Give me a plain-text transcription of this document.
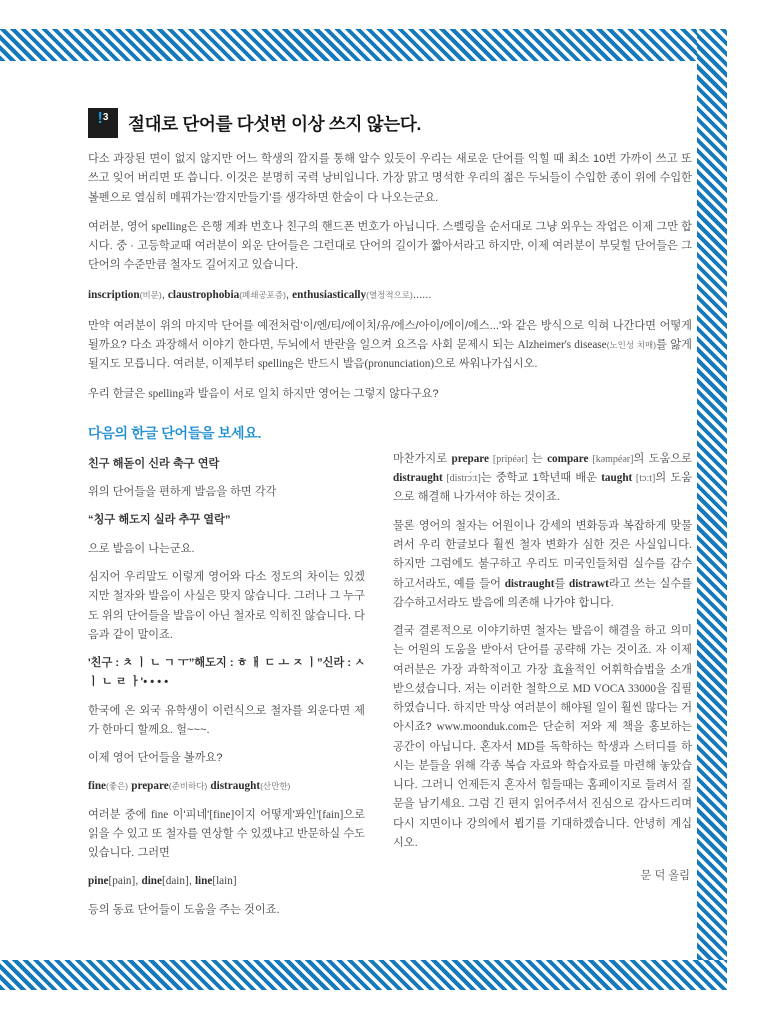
! 3 절대로 단어를 다섯번 이상 쓰지 않는다.

다소 과장된 면이 없지 않지만 어느 학생의 깜지를 통해 알수 있듯이 우리는 새로운 단어를 익힐 때 최소 10번 가까이 쓰고 또 쓰고 잊어 버리면 또 씁니다. 이것은 분명히 국력 낭비입니다. 가장 맑고 명석한 우리의 젊은 두뇌들이 수입한 종이 위에 수입한 볼펜으로 열심히 메꿔가는'깜지만들기'를 생각하면 한숨이 다 나오는군요.

여러분, 영어 spelling은 은행 계좌 번호나 친구의 핸드폰 번호가 아닙니다. 스펠링을 순서대로 그냥 외우는 작업은 이제 그만 합시다. 중 · 고등학교때 여러분이 외운 단어들은 그런대로 단어의 길이가 짧아서라고 하지만, 이제 여러분이 부딪힐 단어들은 그 단어의 수준만큼 철자도 길어지고 있습니다.

inscription(비문), claustrophobia(폐쇄공포증), enthusiastically(열정적으로)......

만약 여러분이 위의 마지막 단어를 예전처럼'이/엔/티/에이치/유/에스/아이/에이/에스...'와 같은 방식으로 익혀 나간다면 어떻게 될까요? 다소 과장해서 이야기 한다면, 두뇌에서 반란을 일으켜 요즈음 사회 문제시 되는 Alzheimer's disease(노인성 치매)를 앓게 될지도 모릅니다. 여러분, 이제부터 spelling은 반드시 발음(pronunciation)으로 싸워나가십시오.

우리 한글은 spelling과 발음이 서로 일치 하지만 영어는 그렇지 않다구요?

다음의 한글 단어들을 보세요.

친구 해돋이 신라 축구 연락

위의 단어들을 편하게 발음을 하면 각각

“칭구 해도지 실라 추꾸 열락”

으로 발음이 나는군요.

심지어 우리말도 이렇게 영어와 다소 정도의 차이는 있겠지만 철자와 발음이 사실은 맞지 않습니다. 그러나 그 누구도 위의 단어들을 발음이 아닌 철자로 익히진 않습니다. 다음과 같이 말이죠.

'친구 : ㅊ ㅣ ㄴ ㄱ ㅜ”해도지 : ㅎ ㅐ ㄷ ㅗ ㅈ ㅣ”신라 : ㅅ ㅣ ㄴ ㄹ ㅏ'• • • •

한국에 온 외국 유학생이 이런식으로 철자를 외운다면 제가 한마디 할께요. 헐~~~.

이제 영어 단어들을 볼까요?

fine(좋은) prepare(준비하다) distraught(산만한)

여러분 중에 fine 이'피네'[fine]이지 어떻게'퐈인'[fain]으로 읽을 수 있고 또 철자를 연상할 수 있겠냐고 반문하실 수도 있습니다. 그러면

pine[pain], dine[dain], line[lain]

등의 동료 단어들이 도움을 주는 것이죠.

마찬가지로 prepare [pripéər] 는 compare [kəmpéər]의 도움으로 distraught [distrɔ́ːt]는 중학교 1학년때 배운 taught [tɔːt]의 도움으로 해결해 나가셔야 하는 것이죠.

물론 영어의 철자는 어원이나 강세의 변화등과 복잡하게 맞물려서 우리 한글보다 훨씬 철자 변화가 심한 것은 사실입니다. 하지만 그럼에도 불구하고 우리도 미국인들처럼 실수를 감수하고서라도, 예를 들어 distraught를 distrawt라고 쓰는 실수를 감수하고서라도 발음에 의존해 나가야 합니다.

결국 결론적으로 이야기하면 철자는 발음이 해결을 하고 의미는 어원의 도움을 받아서 단어를 공략해 가는 것이죠. 자 이제 여러분은 가장 과학적이고 가장 효율적인 어휘학습법을 소개 받으셨습니다. 저는 이러한 철학으로 MD VOCA 33000을 집필하였습니다. 하지만 막상 여러분이 해야될 일이 훨씬 많다는 거 아시죠? www.moonduk.com은 단순히 저와 제 책을 홍보하는 공간이 아닙니다. 혼자서 MD를 독학하는 학생과 스터디를 하시는 분들을 위해 각종 복습 자료와 학습자료를 마련해 놓았습니다. 그러니 언제든지 혼자서 힘들때는 홈페이지로 들려서 질문을 남기세요. 그럼 긴 편지 읽어주셔서 진심으로 감사드리며 다시 지면이나 강의에서 뵙기를 기대하겠습니다. 안녕히 계십시오.

문 덕 올림
